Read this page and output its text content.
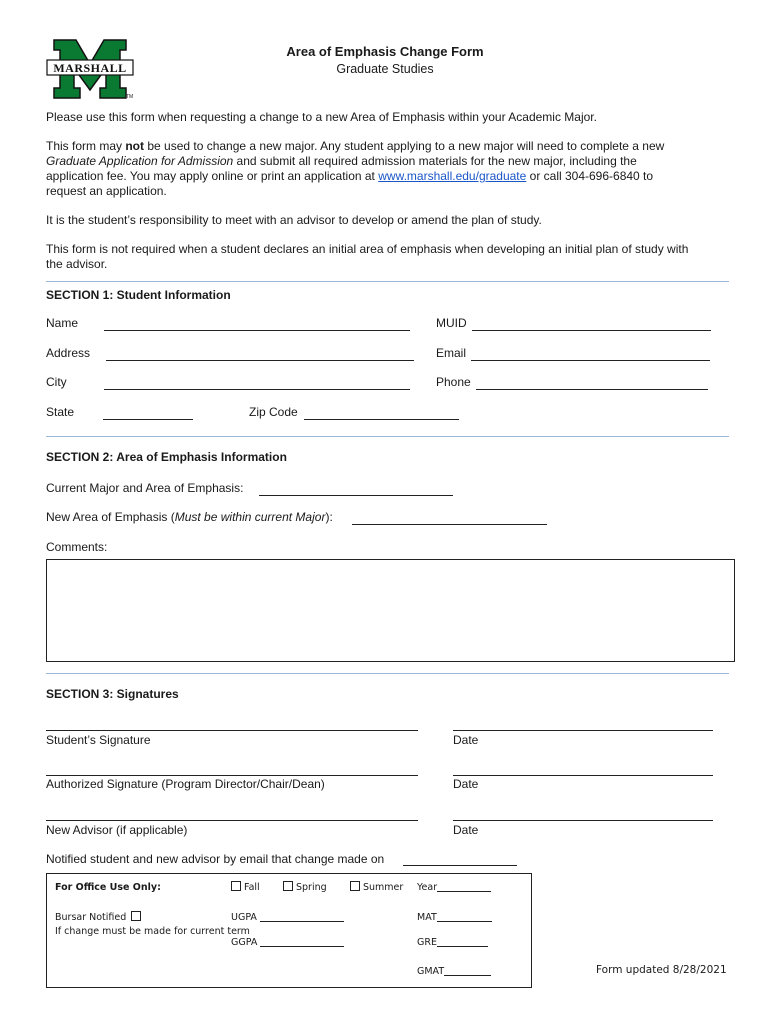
MARSHALL
TM
Area of Emphasis Change Form
Graduate Studies
Please use this form when requesting a change to a new Area of Emphasis within your Academic Major.
This form may not be used to change a new major. Any student applying to a new major will need to complete a new
Graduate Application for Admission and submit all required admission materials for the new major, including the
application fee. You may apply online or print an application at www.marshall.edu/graduate or call 304-696-6840 to
request an application.
It is the student’s responsibility to meet with an advisor to develop or amend the plan of study.
This form is not required when a student declares an initial area of emphasis when developing an initial plan of study with
the advisor.
SECTION 1: Student Information
Name	MUID
Address	Email
City	Phone
State	Zip Code
SECTION 2: Area of Emphasis Information
Current Major and Area of Emphasis:
New Area of Emphasis (Must be within current Major):
Comments:
SECTION 3: Signatures
Student’s Signature	Date
Authorized Signature (Program Director/Chair/Dean)	Date
New Advisor (if applicable)	Date
Notified student and new advisor by email that change made on
For Office Use Only:	Fall	Spring	Summer Year
Bursar Notified
If change must be made for current term
UGPA	MAT
GGPA	GRE
GMAT	Form updated 8/28/2021
